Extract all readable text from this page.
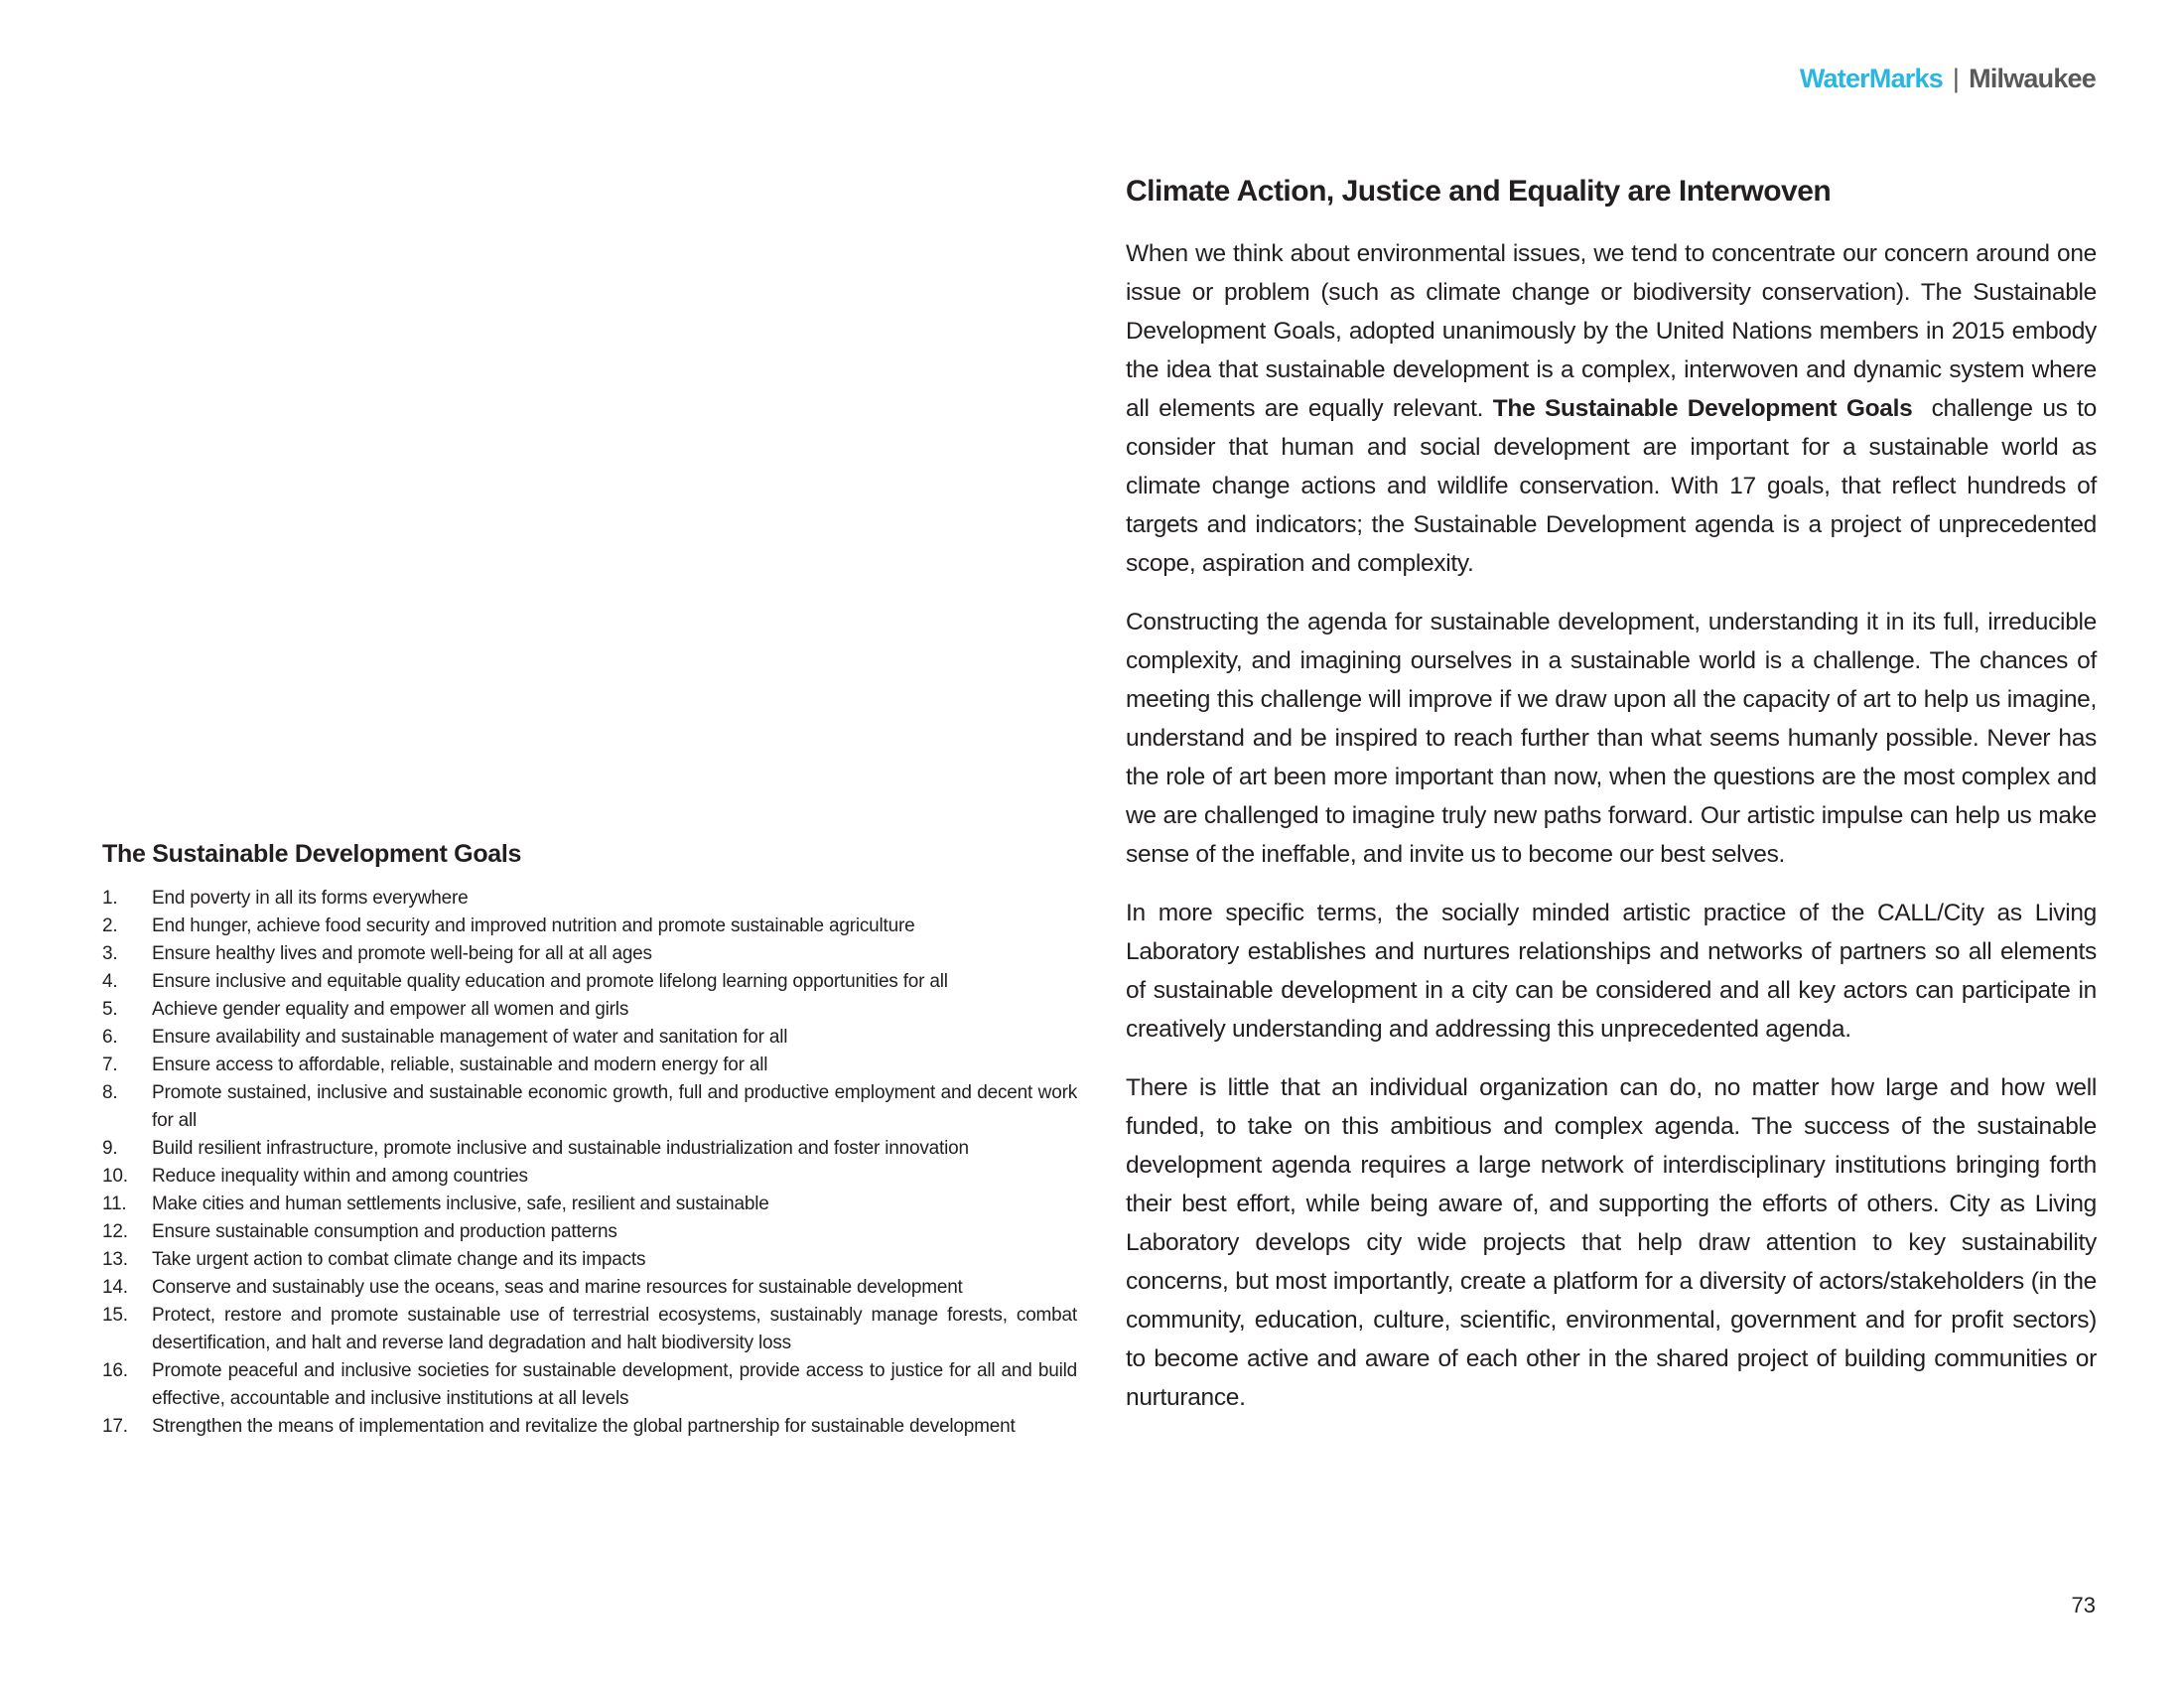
WaterMarks | Milwaukee
The Sustainable Development Goals
1.	End poverty in all its forms everywhere
2.	End hunger, achieve food security and improved nutrition and promote sustainable agriculture
3.	Ensure healthy lives and promote well-being for all at all ages
4.	Ensure inclusive and equitable quality education and promote lifelong learning opportunities for all
5.	Achieve gender equality and empower all women and girls
6.	Ensure availability and sustainable management of water and sanitation for all
7.	Ensure access to affordable, reliable, sustainable and modern energy for all
8.	Promote sustained, inclusive and sustainable economic growth, full and productive employment and decent work for all
9.	Build resilient infrastructure, promote inclusive and sustainable industrialization and foster innovation
10.	Reduce inequality within and among countries
11.	Make cities and human settlements inclusive, safe, resilient and sustainable
12.	Ensure sustainable consumption and production patterns
13.	Take urgent action to combat climate change and its impacts
14.	Conserve and sustainably use the oceans, seas and marine resources for sustainable development
15.	Protect, restore and promote sustainable use of terrestrial ecosystems, sustainably manage forests, combat desertification, and halt and reverse land degradation and halt biodiversity loss
16.	Promote peaceful and inclusive societies for sustainable development, provide access to justice for all and build effective, accountable and inclusive institutions at all levels
17.	Strengthen the means of implementation and revitalize the global partnership for sustainable development
Climate Action, Justice and Equality are Interwoven

When we think about environmental issues, we tend to concentrate our concern around one issue or problem (such as climate change or biodiversity conservation). The Sustainable Development Goals, adopted unanimously by the United Nations members in 2015 embody the idea that sustainable development is a complex, interwoven and dynamic system where all elements are equally relevant. The Sustainable Development Goals challenge us to consider that human and social development are important for a sustainable world as climate change actions and wildlife conservation. With 17 goals, that reflect hundreds of targets and indicators; the Sustainable Development agenda is a project of unprecedented scope, aspiration and complexity.

Constructing the agenda for sustainable development, understanding it in its full, irreducible complexity, and imagining ourselves in a sustainable world is a challenge. The chances of meeting this challenge will improve if we draw upon all the capacity of art to help us imagine, understand and be inspired to reach further than what seems humanly possible. Never has the role of art been more important than now, when the questions are the most complex and we are challenged to imagine truly new paths forward. Our artistic impulse can help us make sense of the ineffable, and invite us to become our best selves.

In more specific terms, the socially minded artistic practice of the CALL/City as Living Laboratory establishes and nurtures relationships and networks of partners so all elements of sustainable development in a city can be considered and all key actors can participate in creatively understanding and addressing this unprecedented agenda.

There is little that an individual organization can do, no matter how large and how well funded, to take on this ambitious and complex agenda. The success of the sustainable development agenda requires a large network of interdisciplinary institutions bringing forth their best effort, while being aware of, and supporting the efforts of others. City as Living Laboratory develops city wide projects that help draw attention to key sustainability concerns, but most importantly, create a platform for a diversity of actors/stakeholders (in the community, education, culture, scientific, environmental, government and for profit sectors) to become active and aware of each other in the shared project of building communities or nurturance.

73
